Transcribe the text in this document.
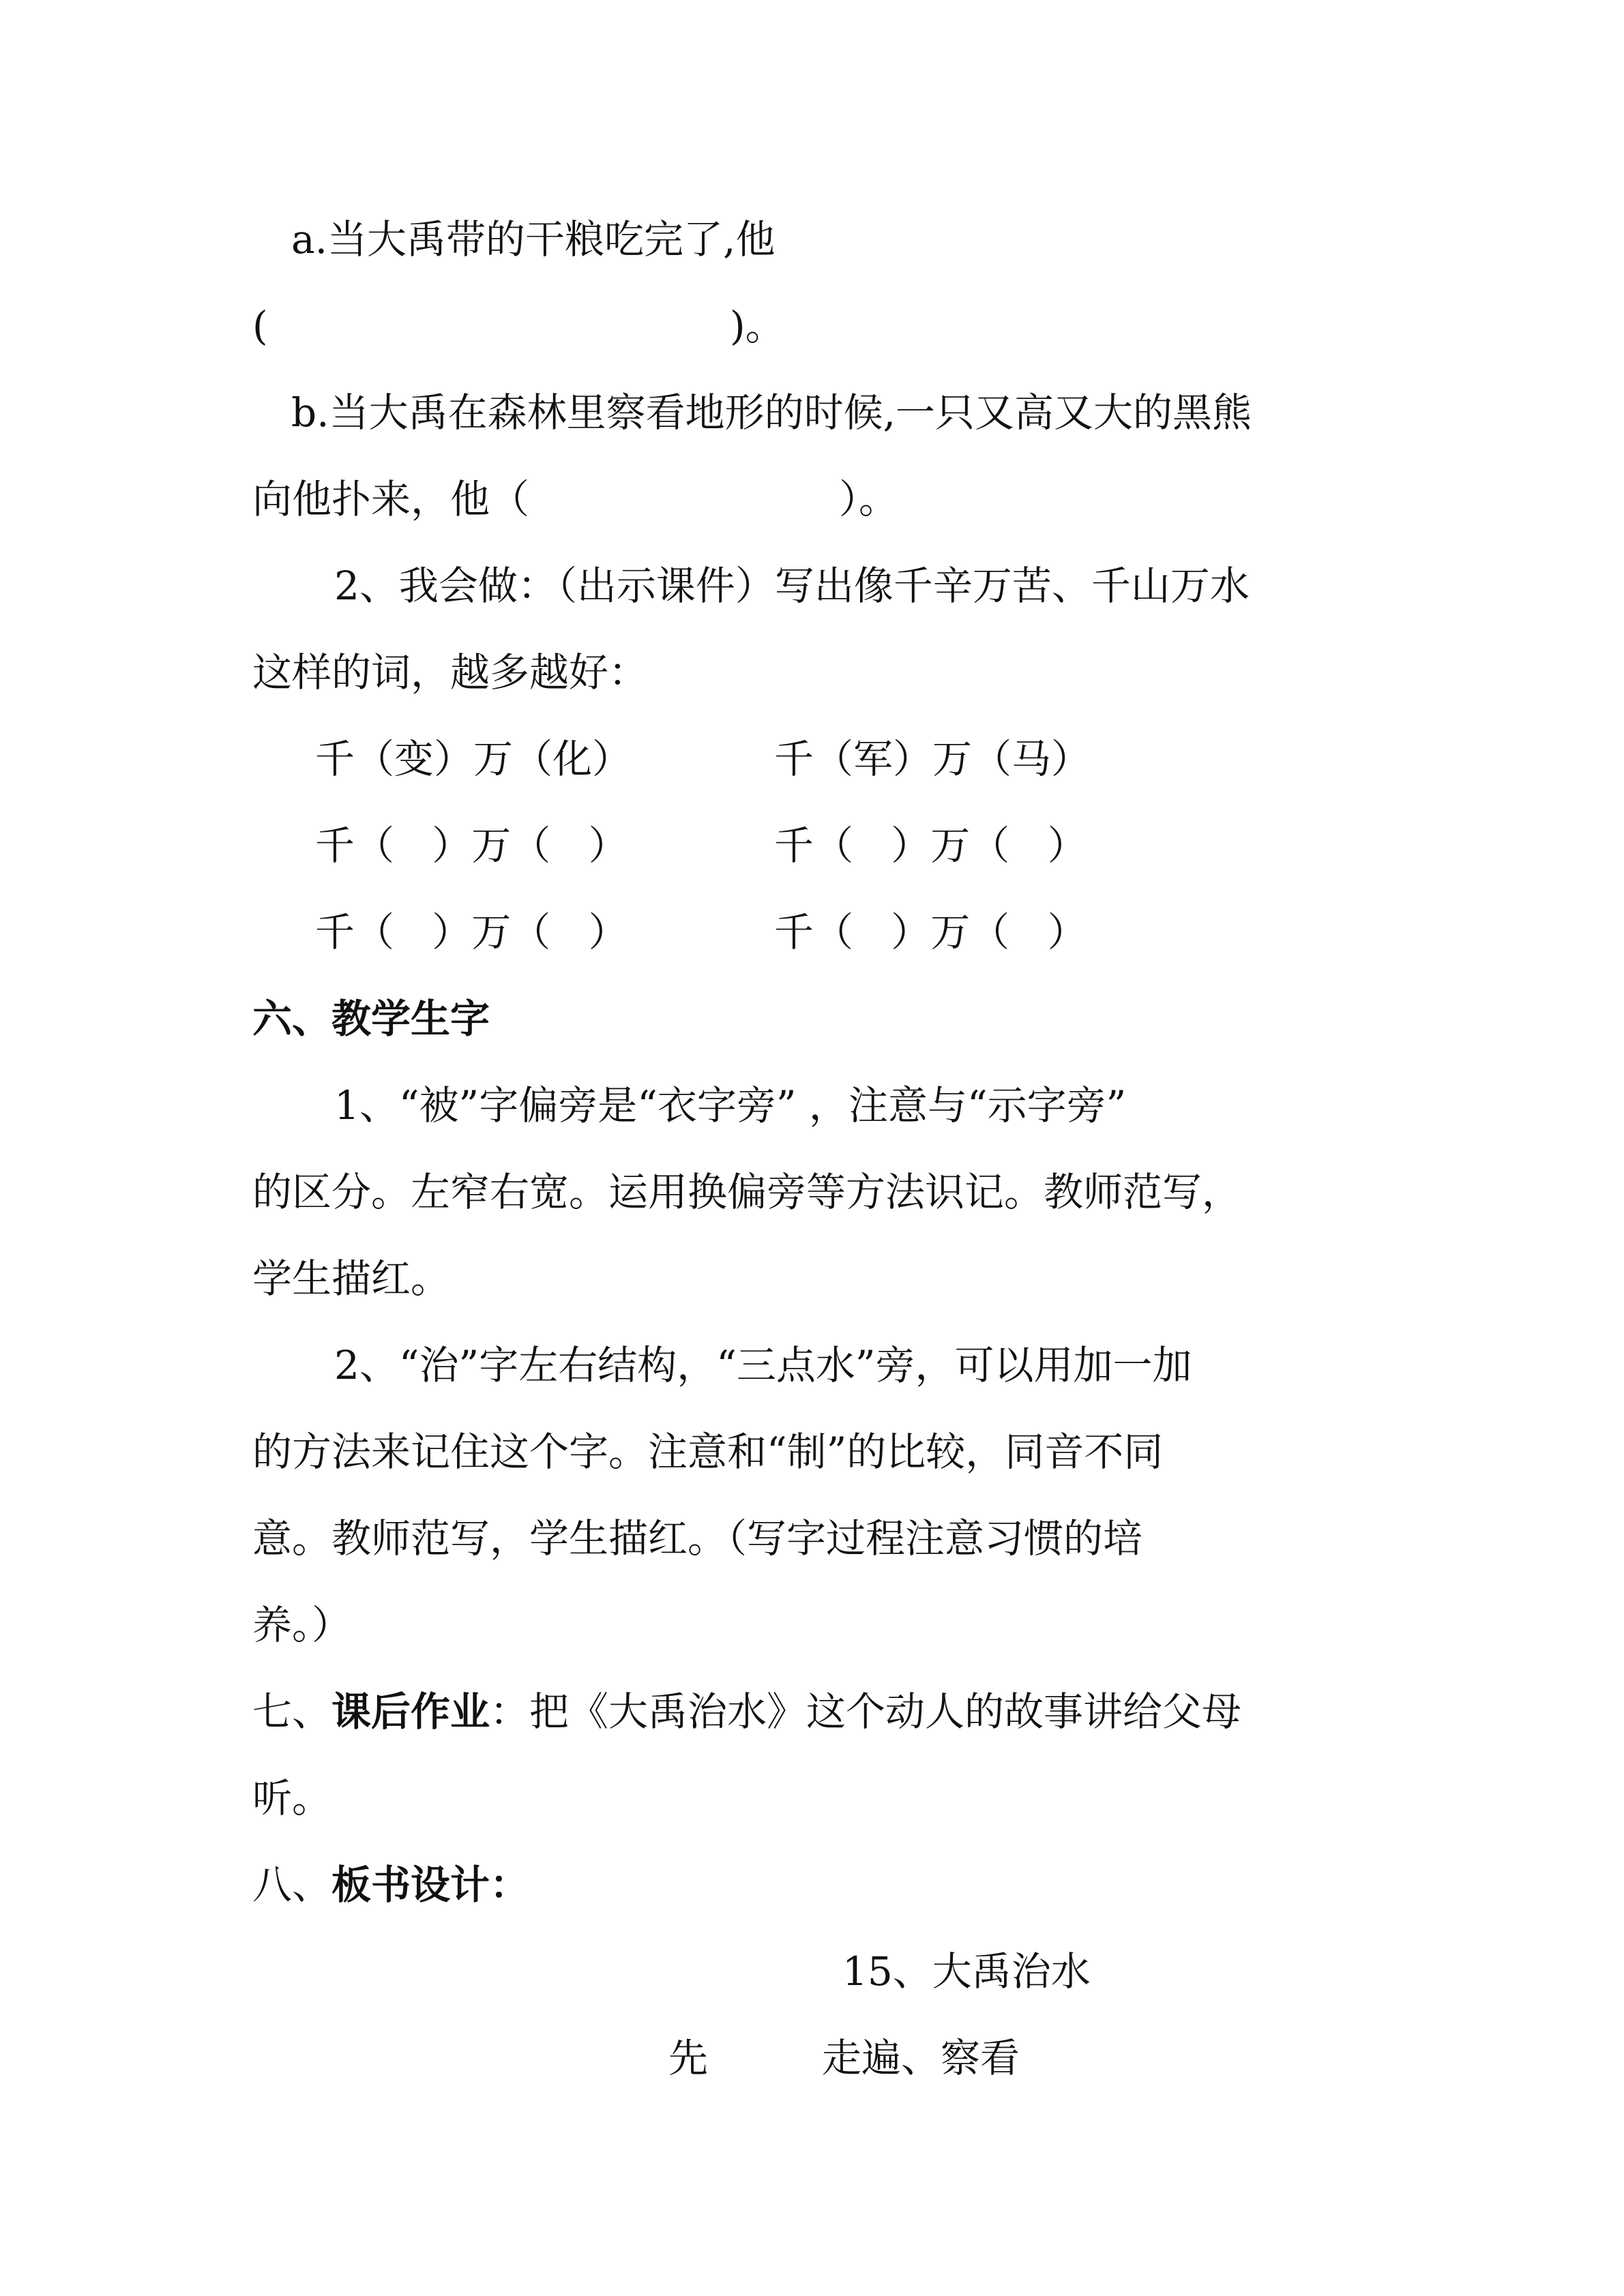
a.当大禹带的干粮吃完了,他
(	)。
b.当大禹在森林里察看地形的时候,一只又高又大的黑熊
向他扑来，他（	）。
2、我会做：（出示课件）写出像千辛万苦、千山万水
这样的词，越多越好：
千（变）万（化）	千（军）万（马）
千（   ）万（   ）	千（   ）万（   ）
千（   ）万（   ）	千（   ）万（   ）
六、教学生字
1、“被”字偏旁是“衣字旁” ，注意与“示字旁”
的区分。左窄右宽。运用换偏旁等方法识记。教师范写，
学生描红。
2、“治”字左右结构，“三点水”旁，可以用加一加
的方法来记住这个字。注意和“制”的比较，同音不同
意。教师范写，学生描红。（写字过程注意习惯的培
养。）
七、课后作业：把《大禹治水》这个动人的故事讲给父母
听。
八、板书设计：
15、大禹治水
先	走遍、察看
